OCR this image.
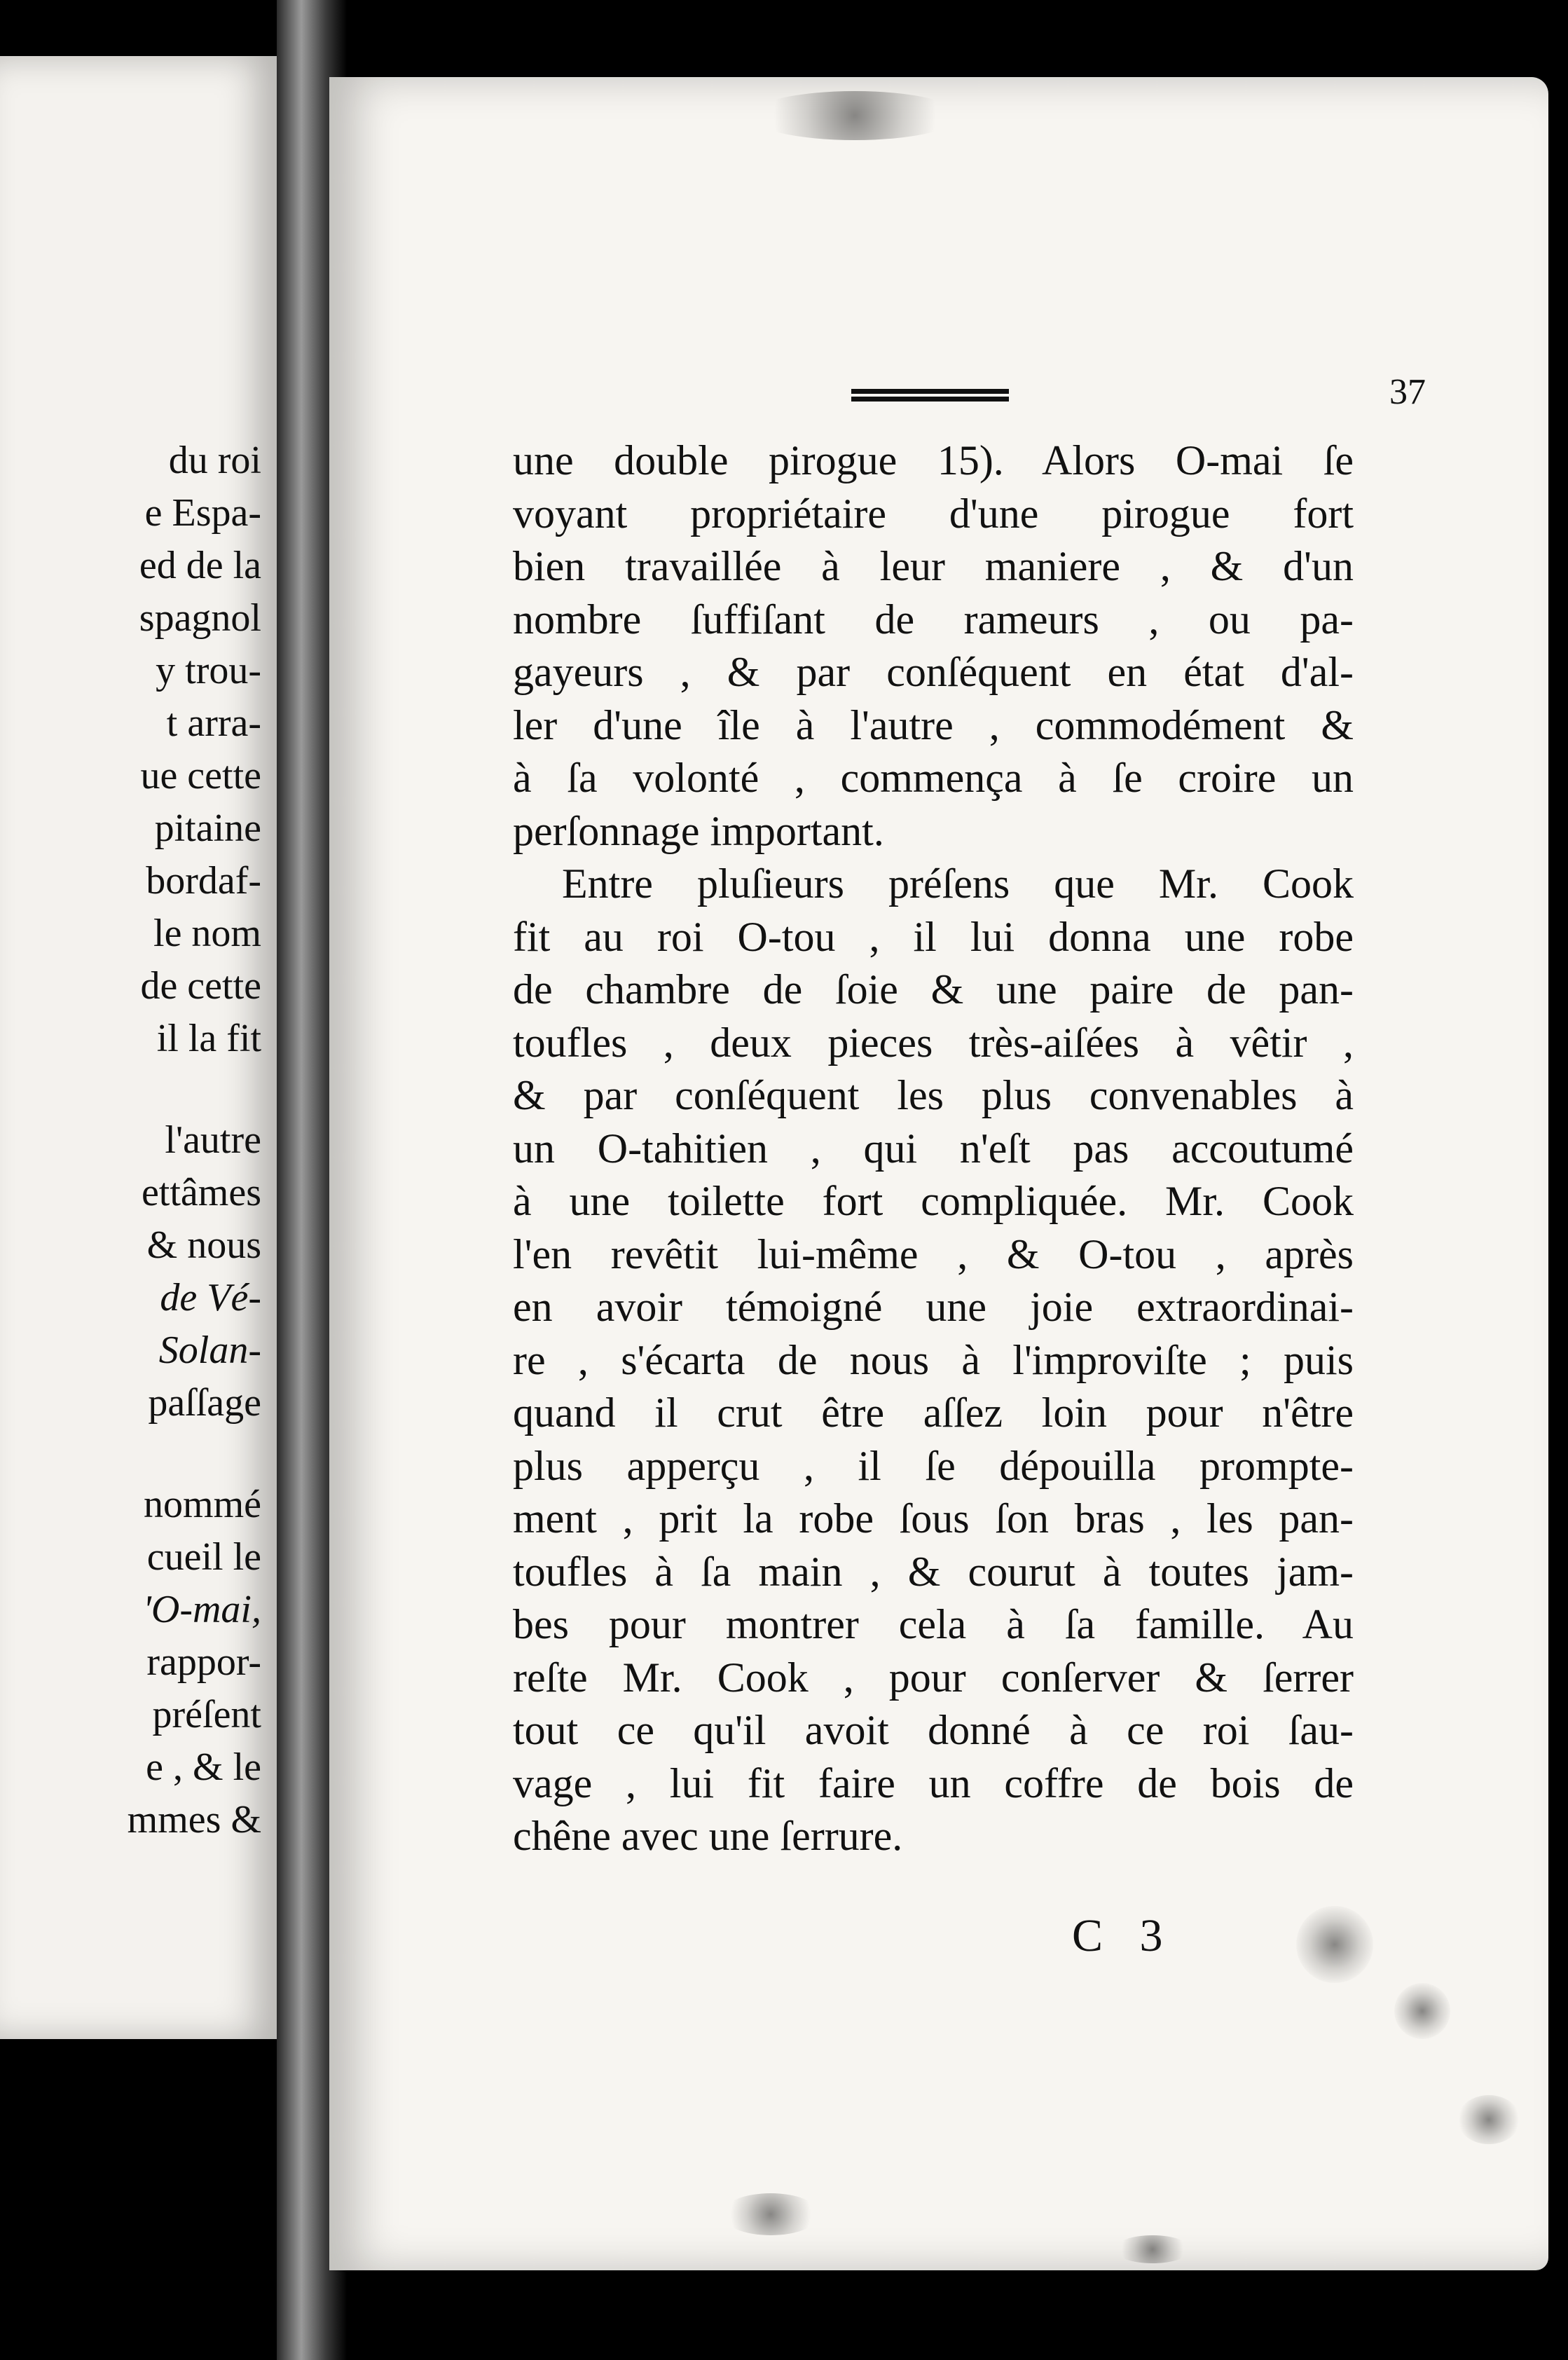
du roi
e Espa-
ed de la
spagnol
y trou-
t arra-
ue cette
pitaine
bordaf-
le nom
de cette
il la fit
l'autre
ettâmes
& nous
de Vé-
Solan-
paſſage
nommé
cueil le
'O-mai,
rappor-
préſent
e , & le
mmes &
37
une double pirogue 15). Alors O-mai ſe
voyant propriétaire d'une pirogue fort
bien travaillée à leur maniere , & d'un
nombre ſuffiſant de rameurs , ou pa-
gayeurs , & par conſéquent en état d'al-
ler d'une île à l'autre , commodément &
à ſa volonté , commença à ſe croire un
perſonnage important.
Entre pluſieurs préſens que Mr. Cook
fit au roi O-tou , il lui donna une robe
de chambre de ſoie & une paire de pan-
toufles , deux pieces très-aiſées à vêtir ,
& par conſéquent les plus convenables à
un O-tahitien , qui n'eſt pas accoutumé
à une toilette fort compliquée. Mr. Cook
l'en revêtit lui-même , & O-tou , après
en avoir témoigné une joie extraordinai-
re , s'écarta de nous à l'improviſte ; puis
quand il crut être aſſez loin pour n'être
plus apperçu , il ſe dépouilla prompte-
ment , prit la robe ſous ſon bras , les pan-
toufles à ſa main , & courut à toutes jam-
bes pour montrer cela à ſa famille. Au
reſte Mr. Cook , pour conſerver & ſerrer
tout ce qu'il avoit donné à ce roi ſau-
vage , lui fit faire un coffre de bois de
chêne avec une ſerrure.
C 3
